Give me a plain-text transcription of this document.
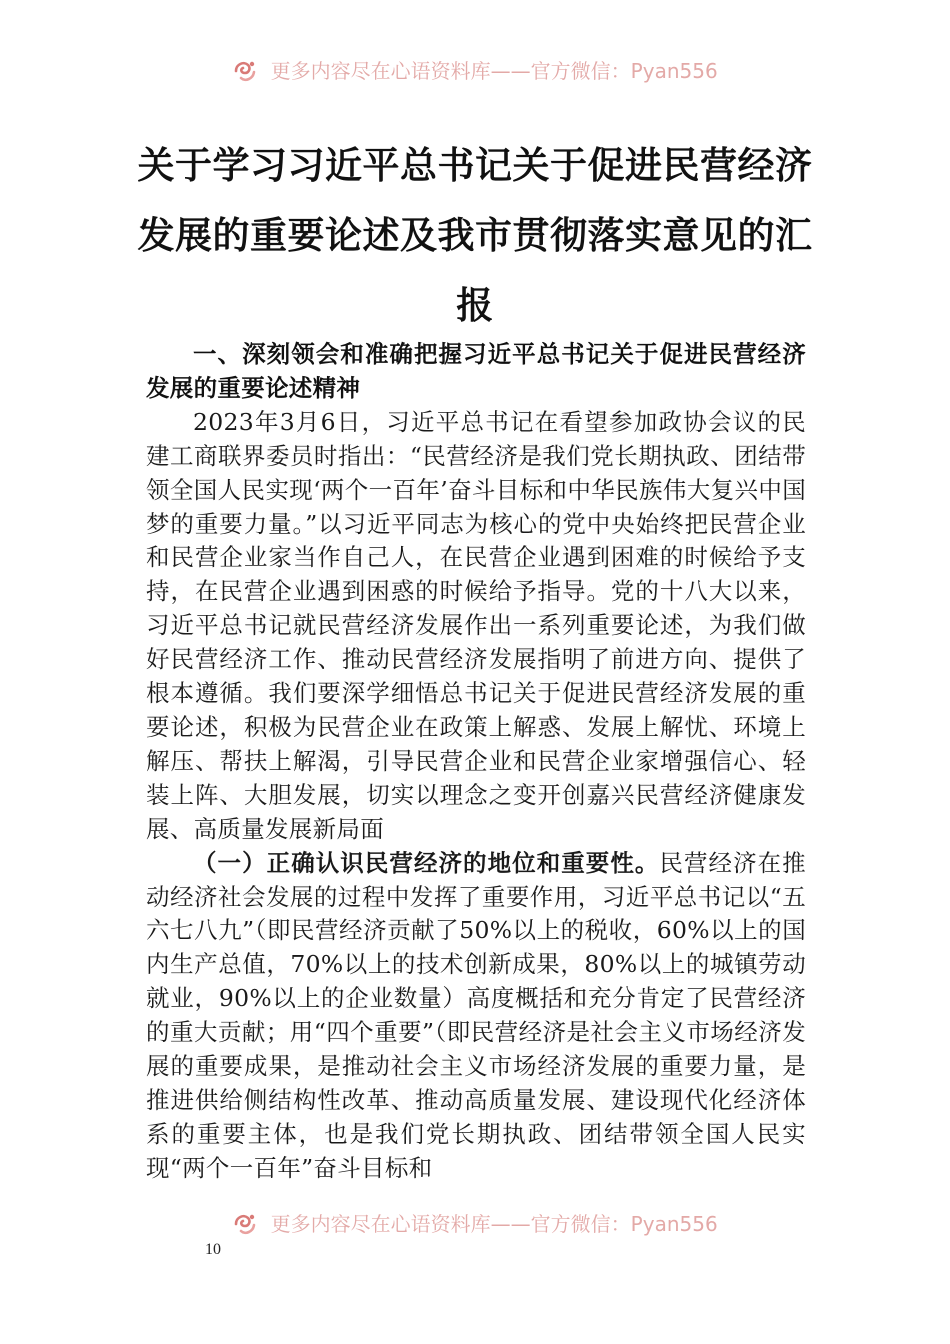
更多内容尽在心语资料库——官方微信：Pyan556
关于学习习近平总书记关于促进民营经济发展的重要论述及我市贯彻落实意见的汇报

一、深刻领会和准确把握习近平总书记关于促进民营经济发展的重要论述精神

2023年3月6日，习近平总书记在看望参加政协会议的民建工商联界委员时指出：“民营经济是我们党长期执政、团结带领全国人民实现‘两个一百年’奋斗目标和中华民族伟大复兴中国梦的重要力量。”以习近平同志为核心的党中央始终把民营企业和民营企业家当作自己人，在民营企业遇到困难的时候给予支持，在民营企业遇到困惑的时候给予指导。党的十八大以来，习近平总书记就民营经济发展作出一系列重要论述，为我们做好民营经济工作、推动民营经济发展指明了前进方向、提供了根本遵循。我们要深学细悟总书记关于促进民营经济发展的重要论述，积极为民营企业在政策上解惑、发展上解忧、环境上解压、帮扶上解渴，引导民营企业和民营企业家增强信心、轻装上阵、大胆发展，切实以理念之变开创嘉兴民营经济健康发展、高质量发展新局面

（一）正确认识民营经济的地位和重要性。民营经济在推动经济社会发展的过程中发挥了重要作用，习近平总书记以“五六七八九”（即民营经济贡献了50%以上的税收，60%以上的国内生产总值，70%以上的技术创新成果，80%以上的城镇劳动就业，90%以上的企业数量）高度概括和充分肯定了民营经济的重大贡献；用“四个重要”（即民营经济是社会主义市场经济发展的重要成果，是推动社会主义市场经济发展的重要力量，是推进供给侧结构性改革、推动高质量发展、建设现代化经济体系的重要主体，也是我们党长期执政、团结带领全国人民实现“两个一百年”奋斗目标和

更多内容尽在心语资料库——官方微信：Pyan556
10
